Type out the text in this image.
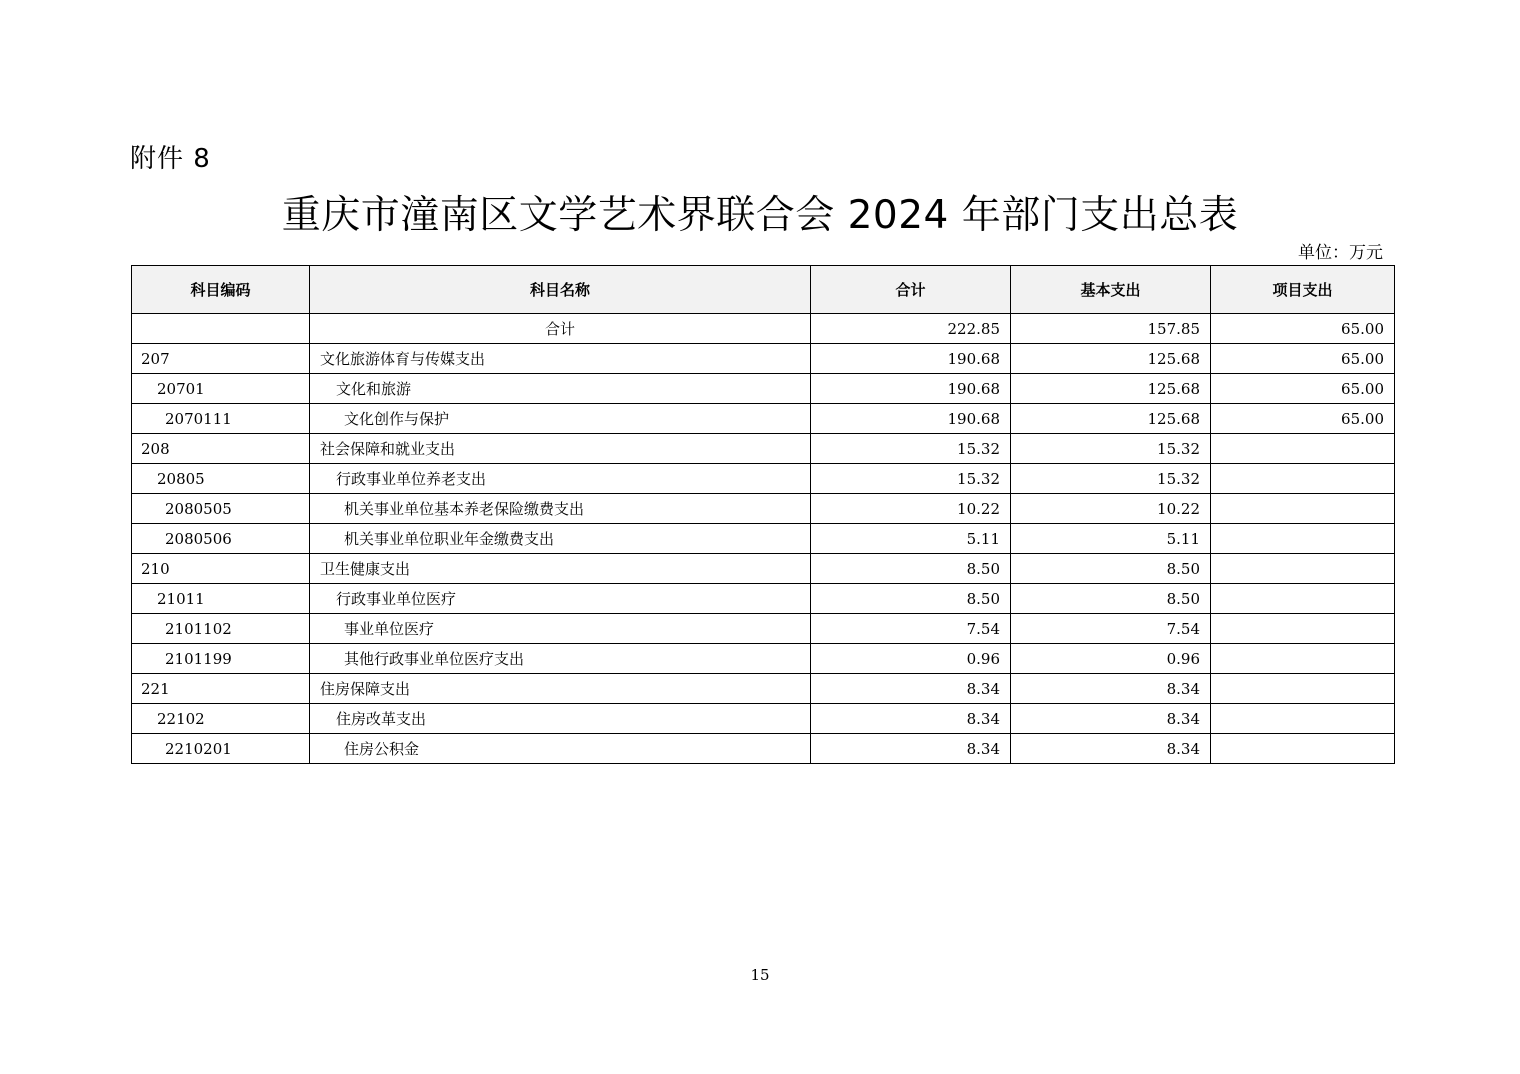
附件 8
重庆市潼南区文学艺术界联合会 2024 年部门支出总表
单位：万元
科目编码	科目名称	合计	基本支出	项目支出
	合计	222.85	157.85	65.00
207	文化旅游体育与传媒支出	190.68	125.68	65.00
20701	文化和旅游	190.68	125.68	65.00
2070111	文化创作与保护	190.68	125.68	65.00
208	社会保障和就业支出	15.32	15.32	
20805	行政事业单位养老支出	15.32	15.32	
2080505	机关事业单位基本养老保险缴费支出	10.22	10.22	
2080506	机关事业单位职业年金缴费支出	5.11	5.11	
210	卫生健康支出	8.50	8.50	
21011	行政事业单位医疗	8.50	8.50	
2101102	事业单位医疗	7.54	7.54	
2101199	其他行政事业单位医疗支出	0.96	0.96	
221	住房保障支出	8.34	8.34	
22102	住房改革支出	8.34	8.34	
2210201	住房公积金	8.34	8.34	
15
